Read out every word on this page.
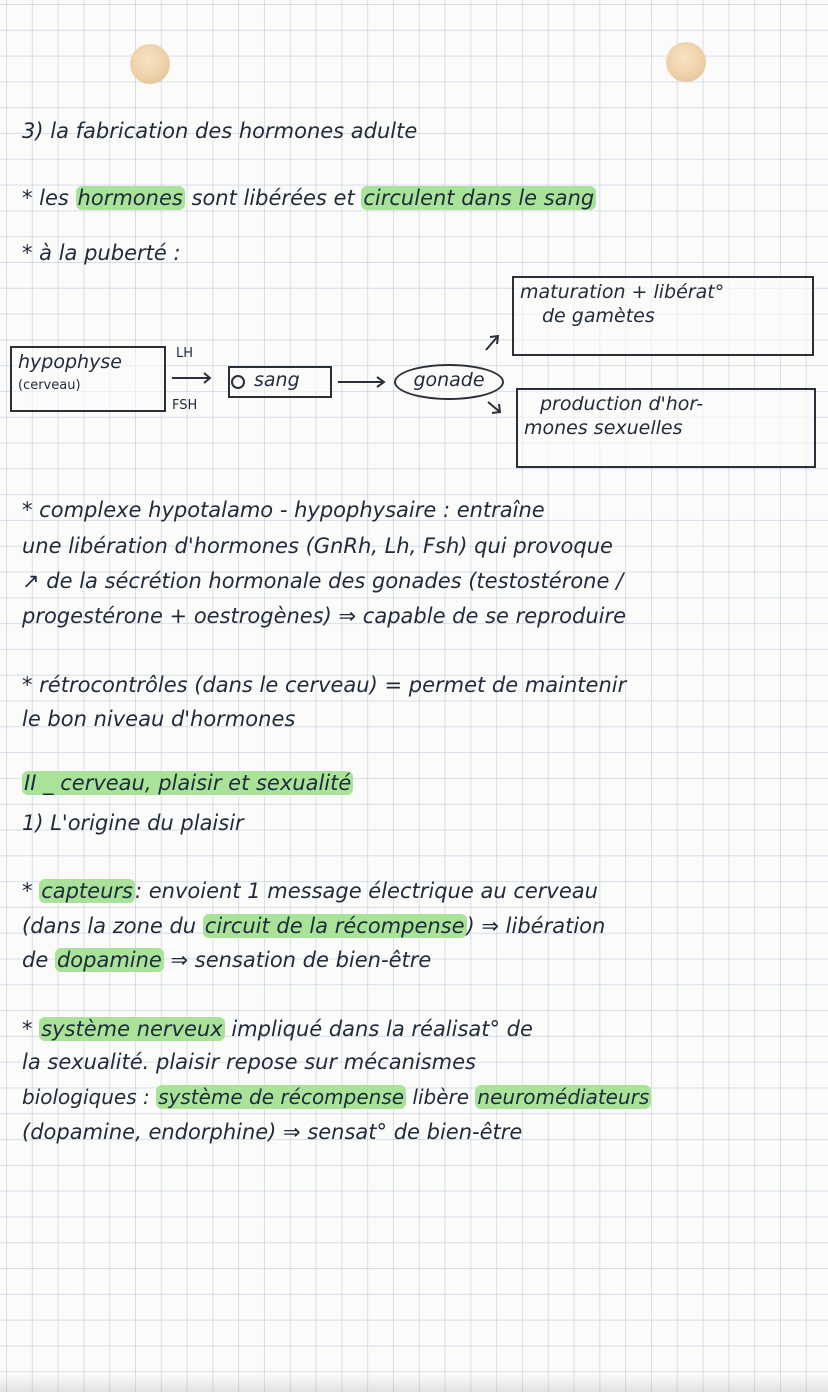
3) la fabrication des hormones adulte
* les hormones sont libérées et circulent dans le sang
* à la puberté :
maturation + libérat°
de gamètes
hypophyse
(cerveau)
LH
FSH
sang	gonade
production d'hor-
mones sexuelles
* complexe hypotalamo - hypophysaire : entraîne
une libération d'hormones (GnRh, Lh, Fsh) qui provoque
↗ de la sécrétion hormonale des gonades (testostérone /
progestérone + oestrogènes) ⇒ capable de se reproduire
* rétrocontrôles (dans le cerveau) = permet de maintenir
le bon niveau d'hormones
II _ cerveau, plaisir et sexualité
1) L'origine du plaisir
* capteurs: envoient 1 message électrique au cerveau
(dans la zone du circuit de la récompense) ⇒ libération
de dopamine ⇒ sensation de bien-être
* système nerveux impliqué dans la réalisat° de
la sexualité. plaisir repose sur mécanismes
biologiques : système de récompense libère neuromédiateurs
(dopamine, endorphine) ⇒ sensat° de bien-être
